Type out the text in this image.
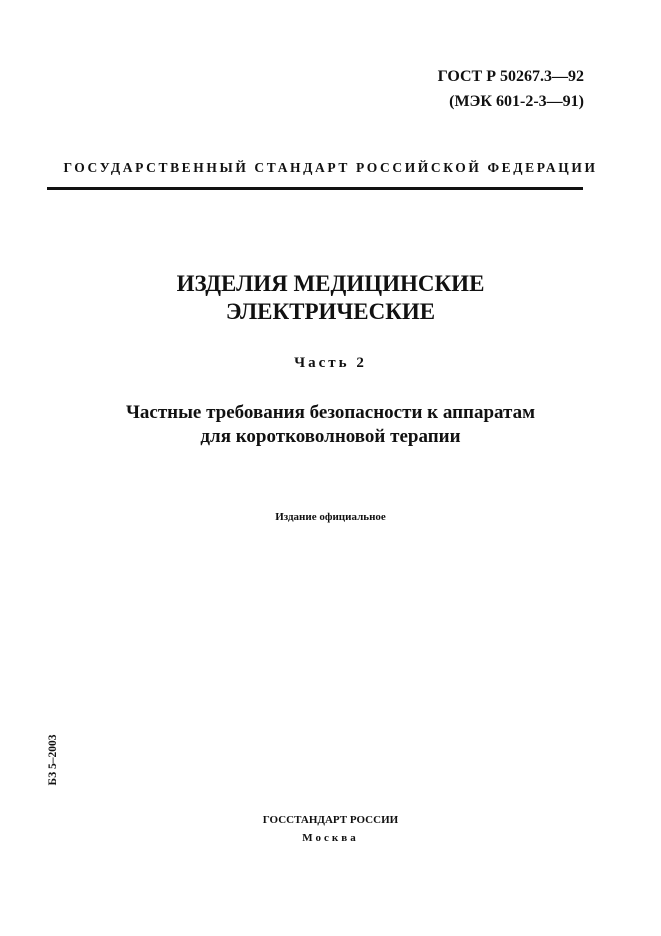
ГОСТ Р 50267.3—92
(МЭК 601-2-3—91)
ГОСУДАРСТВЕННЫЙ СТАНДАРТ РОССИЙСКОЙ ФЕДЕРАЦИИ
ИЗДЕЛИЯ МЕДИЦИНСКИЕ
ЭЛЕКТРИЧЕСКИЕ
Часть 2
Частные требования безопасности к аппаратам
для коротковолновой терапии
Издание официальное
БЗ 5–2003
ГОССТАНДАРТ РОССИИ
Москва
